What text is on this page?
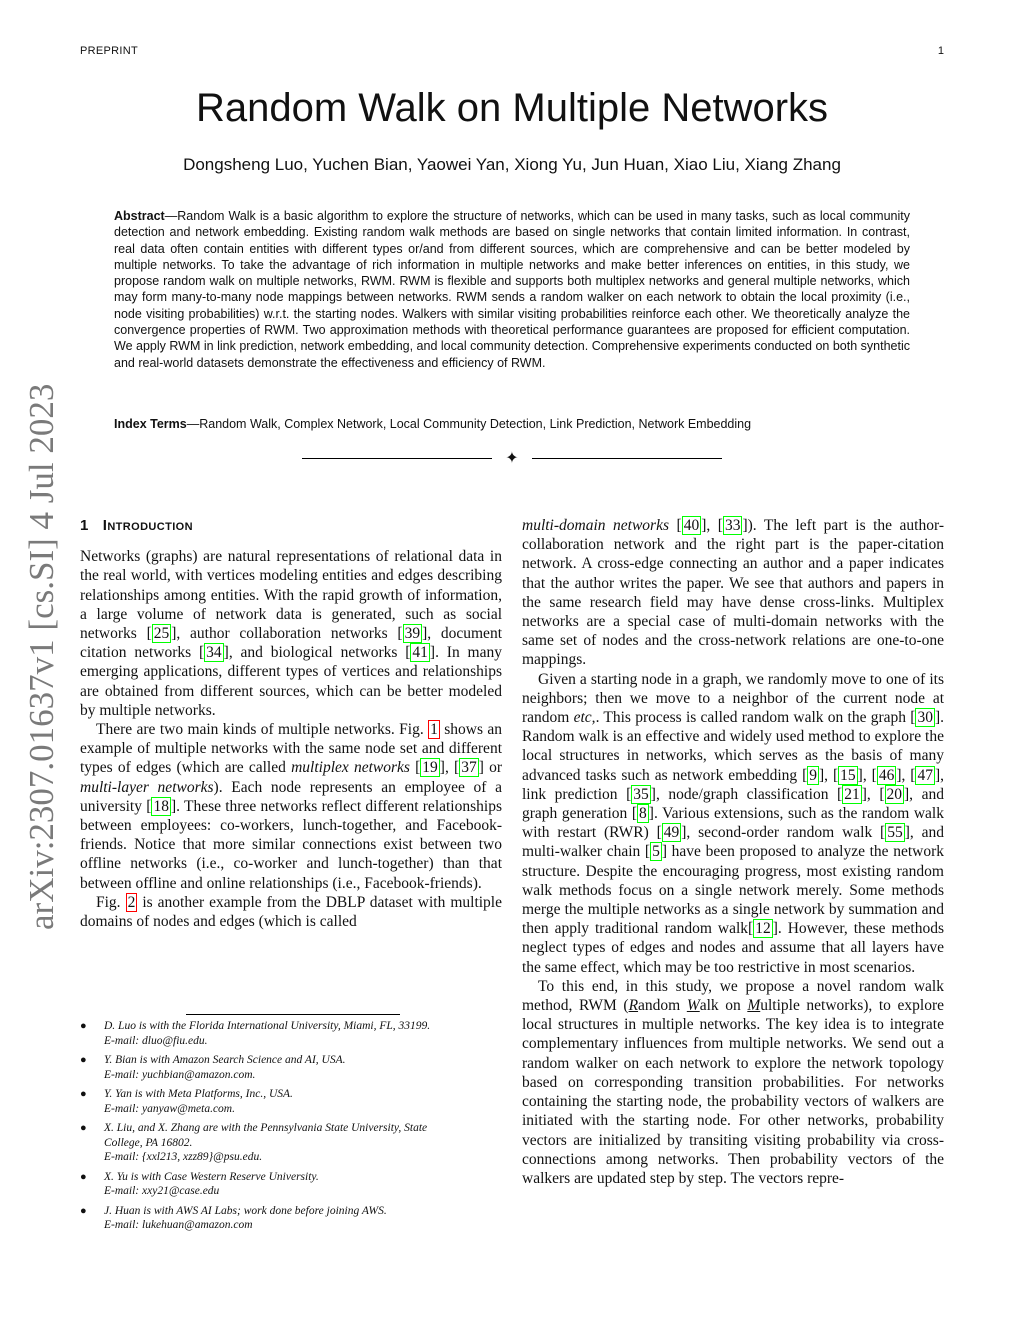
PREPRINT	1
arXiv:2307.01637v1 [cs.SI] 4 Jul 2023
Random Walk on Multiple Networks
Dongsheng Luo, Yuchen Bian, Yaowei Yan, Xiong Yu, Jun Huan, Xiao Liu, Xiang Zhang
Abstract—Random Walk is a basic algorithm to explore the structure of networks, which can be used in many tasks, such as local community detection and network embedding. Existing random walk methods are based on single networks that contain limited information. In contrast, real data often contain entities with different types or/and from different sources, which are comprehensive and can be better modeled by multiple networks. To take the advantage of rich information in multiple networks and make better inferences on entities, in this study, we propose random walk on multiple networks, RWM. RWM is flexible and supports both multiplex networks and general multiple networks, which may form many-to-many node mappings between networks. RWM sends a random walker on each network to obtain the local proximity (i.e., node visiting probabilities) w.r.t. the starting nodes. Walkers with similar visiting probabilities reinforce each other. We theoretically analyze the convergence properties of RWM. Two approximation methods with theoretical performance guarantees are proposed for efficient computation. We apply RWM in link prediction, network embedding, and local community detection. Comprehensive experiments conducted on both synthetic and real-world datasets demonstrate the effectiveness and efficiency of RWM.
Index Terms—Random Walk, Complex Network, Local Community Detection, Link Prediction, Network Embedding
✦
1 Introduction

Networks (graphs) are natural representations of relational data in the real world, with vertices modeling entities and edges describing relationships among entities. With the rapid growth of information, a large volume of network data is generated, such as social networks [ 25 ], author collaboration networks [ 39 ], document citation networks [ 34 ], and biological networks [ 41 ]. In many emerging applications, different types of vertices and relationships are obtained from different sources, which can be better modeled by multiple networks.

There are two main kinds of multiple networks. Fig. 1 shows an example of multiple networks with the same node set and different types of edges (which are called multiplex networks [ 19 ], [ 37 ] or multi-layer networks). Each node represents an employee of a university [ 18 ]. These three networks reflect different relationships between employees: co-workers, lunch-together, and Facebook-friends. Notice that more similar connections exist between two offline networks (i.e., co-worker and lunch-together) than that between offline and online relationships (i.e., Facebook-friends).

Fig. 2 is another example from the DBLP dataset with multiple domains of nodes and edges (which is called

● D. Luo is with the Florida International University, Miami, FL, 33199.
E-mail: dluo@fiu.edu.
● Y. Bian is with Amazon Search Science and AI, USA.
E-mail: yuchbian@amazon.com.
● Y. Yan is with Meta Platforms, Inc., USA.
E-mail: yanyaw@meta.com.
● X. Liu, and X. Zhang are with the Pennsylvania State University, State
College, PA 16802.
E-mail: {xxl213, xzz89}@psu.edu.
● X. Yu is with Case Western Reserve University.
E-mail: xxy21@case.edu
● J. Huan is with AWS AI Labs; work done before joining AWS.
E-mail: lukehuan@amazon.com

multi-domain networks [ 40 ], [ 33 ]). The left part is the author-collaboration network and the right part is the paper-citation network. A cross-edge connecting an author and a paper indicates that the author writes the paper. We see that authors and papers in the same research field may have dense cross-links. Multiplex networks are a special case of multi-domain networks with the same set of nodes and the cross-network relations are one-to-one mappings.

Given a starting node in a graph, we randomly move to one of its neighbors; then we move to a neighbor of the current node at random etc,. This process is called random walk on the graph [ 30 ]. Random walk is an effective and widely used method to explore the local structures in networks, which serves as the basis of many advanced tasks such as network embedding [ 9 ], [ 15 ], [ 46 ], [ 47 ], link prediction [ 35 ], node/graph classification [ 21 ], [ 20 ], and graph generation [ 8 ]. Various extensions, such as the random walk with restart (RWR) [ 49 ], second-order random walk [ 55 ], and multi-walker chain [ 5 ] have been proposed to analyze the network structure. Despite the encouraging progress, most existing random walk methods focus on a single network merely. Some methods merge the multiple networks as a single network by summation and then apply traditional random walk[ 12 ]. However, these methods neglect types of edges and nodes and assume that all layers have the same effect, which may be too restrictive in most scenarios.

To this end, in this study, we propose a novel random walk method, RWM (Random Walk on Multiple networks), to explore local structures in multiple networks. The key idea is to integrate complementary influences from multiple networks. We send out a random walker on each network to explore the network topology based on corresponding transition probabilities. For networks containing the starting node, the probability vectors of walkers are initiated with the starting node. For other networks, probability vectors are initialized by transiting visiting probability via cross-connections among networks. Then probability vectors of the walkers are updated step by step. The vectors repre-
